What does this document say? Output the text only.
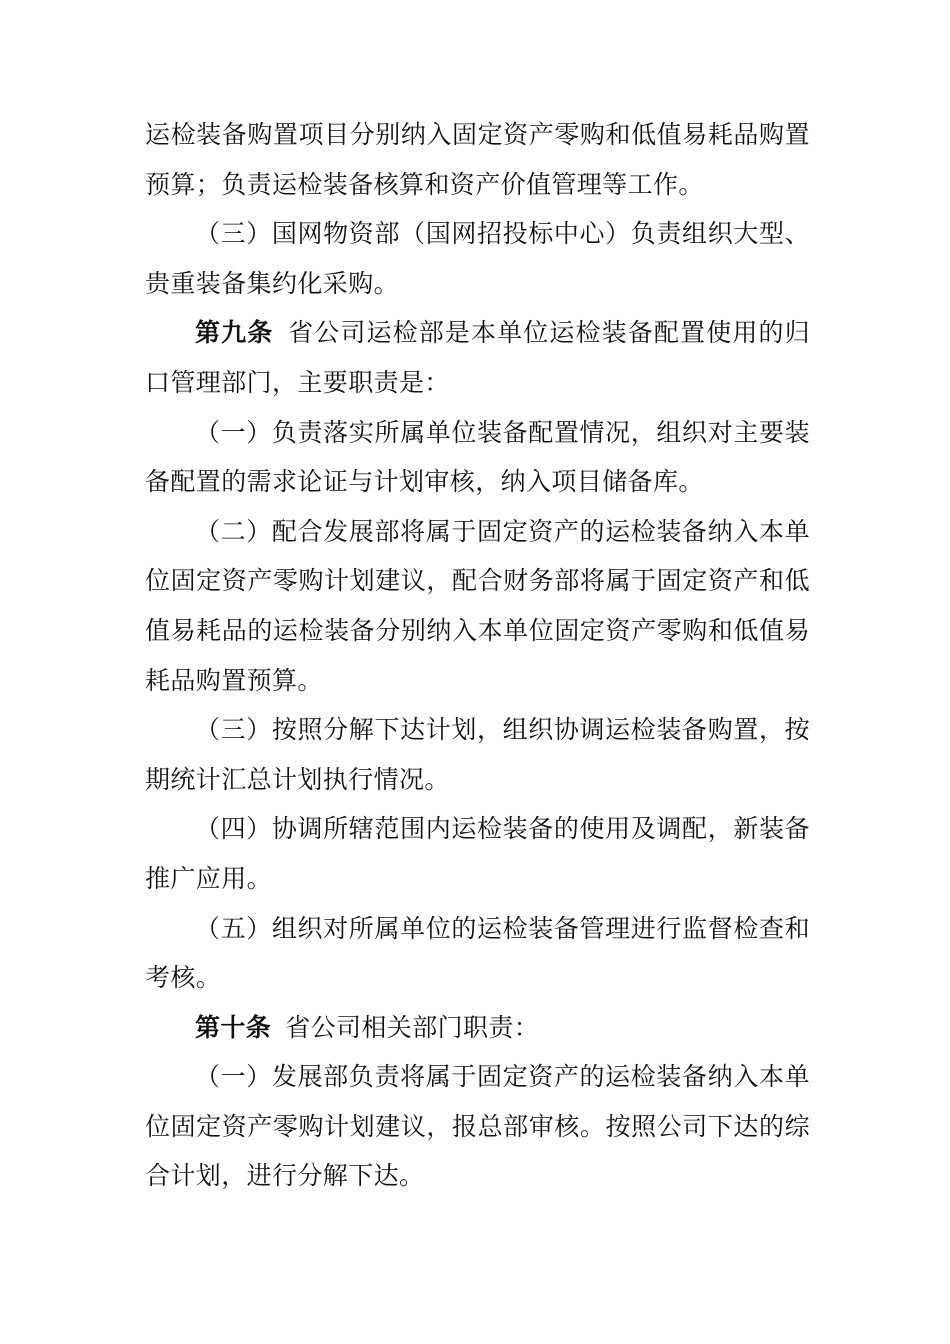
运检装备购置项目分别纳入固定资产零购和低值易耗品购置预算；负责运检装备核算和资产价值管理等工作。

（三）国网物资部（国网招投标中心）负责组织大型、贵重装备集约化采购。

第九条 省公司运检部是本单位运检装备配置使用的归口管理部门，主要职责是：

（一）负责落实所属单位装备配置情况，组织对主要装备配置的需求论证与计划审核，纳入项目储备库。

（二）配合发展部将属于固定资产的运检装备纳入本单位固定资产零购计划建议，配合财务部将属于固定资产和低值易耗品的运检装备分别纳入本单位固定资产零购和低值易耗品购置预算。

（三）按照分解下达计划，组织协调运检装备购置，按期统计汇总计划执行情况。

（四）协调所辖范围内运检装备的使用及调配，新装备推广应用。

（五）组织对所属单位的运检装备管理进行监督检查和考核。

第十条 省公司相关部门职责：

（一）发展部负责将属于固定资产的运检装备纳入本单位固定资产零购计划建议，报总部审核。按照公司下达的综合计划，进行分解下达。
